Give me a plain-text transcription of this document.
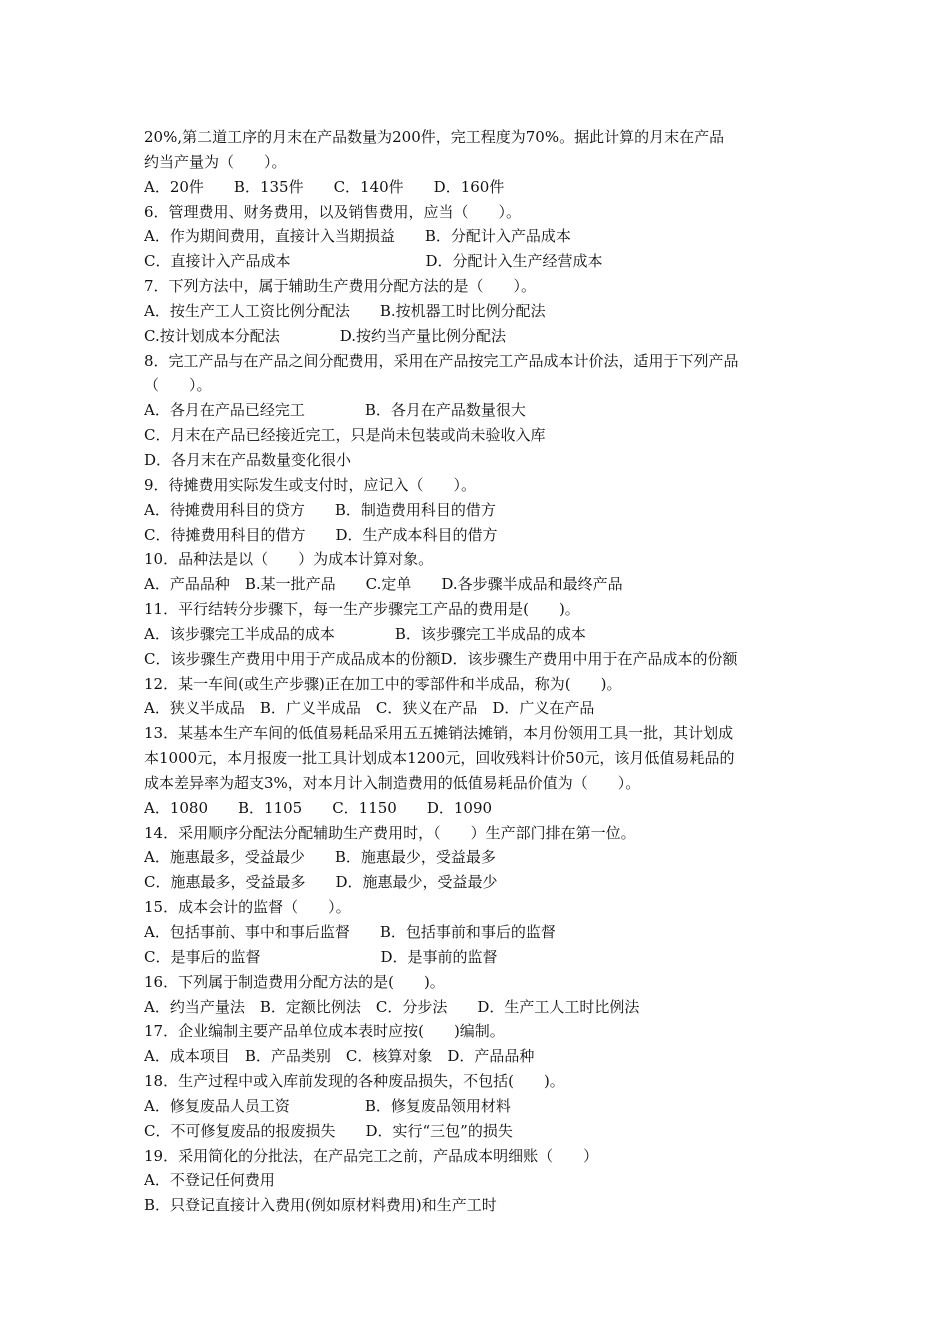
20%,第二道工序的月末在产品数量为200件，完工程度为70%。据此计算的月末在产品
约当产量为（　　）。
A．20件　　B．135件　　C．140件　　D．160件
6．管理费用、财务费用，以及销售费用，应当（　　）。
A．作为期间费用，直接计入当期损益　　B．分配计入产品成本
C．直接计入产品成本　　　　　　　　　D．分配计入生产经营成本
7．下列方法中，属于辅助生产费用分配方法的是（　　）。
A．按生产工人工资比例分配法　　B.按机器工时比例分配法
C.按计划成本分配法　　　　D.按约当产量比例分配法
8．完工产品与在产品之间分配费用，采用在产品按完工产品成本计价法，适用于下列产品
（　　）。
A．各月在产品已经完工　　　　B．各月在产品数量很大
C．月末在产品已经接近完工，只是尚未包装或尚未验收入库
D．各月末在产品数量变化很小
9．待摊费用实际发生或支付时，应记入（　　）。
A．待摊费用科目的贷方　　B．制造费用科目的借方
C．待摊费用科目的借方　　D．生产成本科目的借方
10．品种法是以（　　）为成本计算对象。
A．产品品种　B.某一批产品　　C.定单　　D.各步骤半成品和最终产品
11．平行结转分步骤下，每一生产步骤完工产品的费用是(　　)。
A．该步骤完工半成品的成本　　　　B．该步骤完工半成品的成本
C．该步骤生产费用中用于产成品成本的份额D．该步骤生产费用中用于在产品成本的份额
12．某一车间(或生产步骤)正在加工中的零部件和半成品，称为(　　)。
A．狭义半成品　B．广义半成品　C．狭义在产品　D．广义在产品
13．某基本生产车间的低值易耗品采用五五摊销法摊销，本月份领用工具一批，其计划成
本1000元，本月报废一批工具计划成本1200元，回收残料计价50元，该月低值易耗品的
成本差异率为超支3%，对本月计入制造费用的低值易耗品价值为（　　）。
A．1080　　B．1105　　C．1150　　D．1090
14．采用顺序分配法分配辅助生产费用时，（　　）生产部门排在第一位。
A．施惠最多，受益最少　　B．施惠最少，受益最多
C．施惠最多，受益最多　　D．施惠最少，受益最少
15．成本会计的监督（　　）。
A．包括事前、事中和事后监督　　B．包括事前和事后的监督
C．是事后的监督　　　　　　　　D．是事前的监督
16．下列属于制造费用分配方法的是(　　)。
A．约当产量法　B．定额比例法　C．分步法　　D．生产工人工时比例法
17．企业编制主要产品单位成本表时应按(　　)编制。
A．成本项目　B．产品类别　C．核算对象　D．产品品种
18．生产过程中或入库前发现的各种废品损失，不包括(　　)。
A．修复废品人员工资　　　　　B．修复废品领用材料
C．不可修复废品的报废损失　　D．实行“三包”的损失
19．采用简化的分批法，在产品完工之前，产品成本明细账（　　）
A．不登记任何费用
B．只登记直接计入费用(例如原材料费用)和生产工时
